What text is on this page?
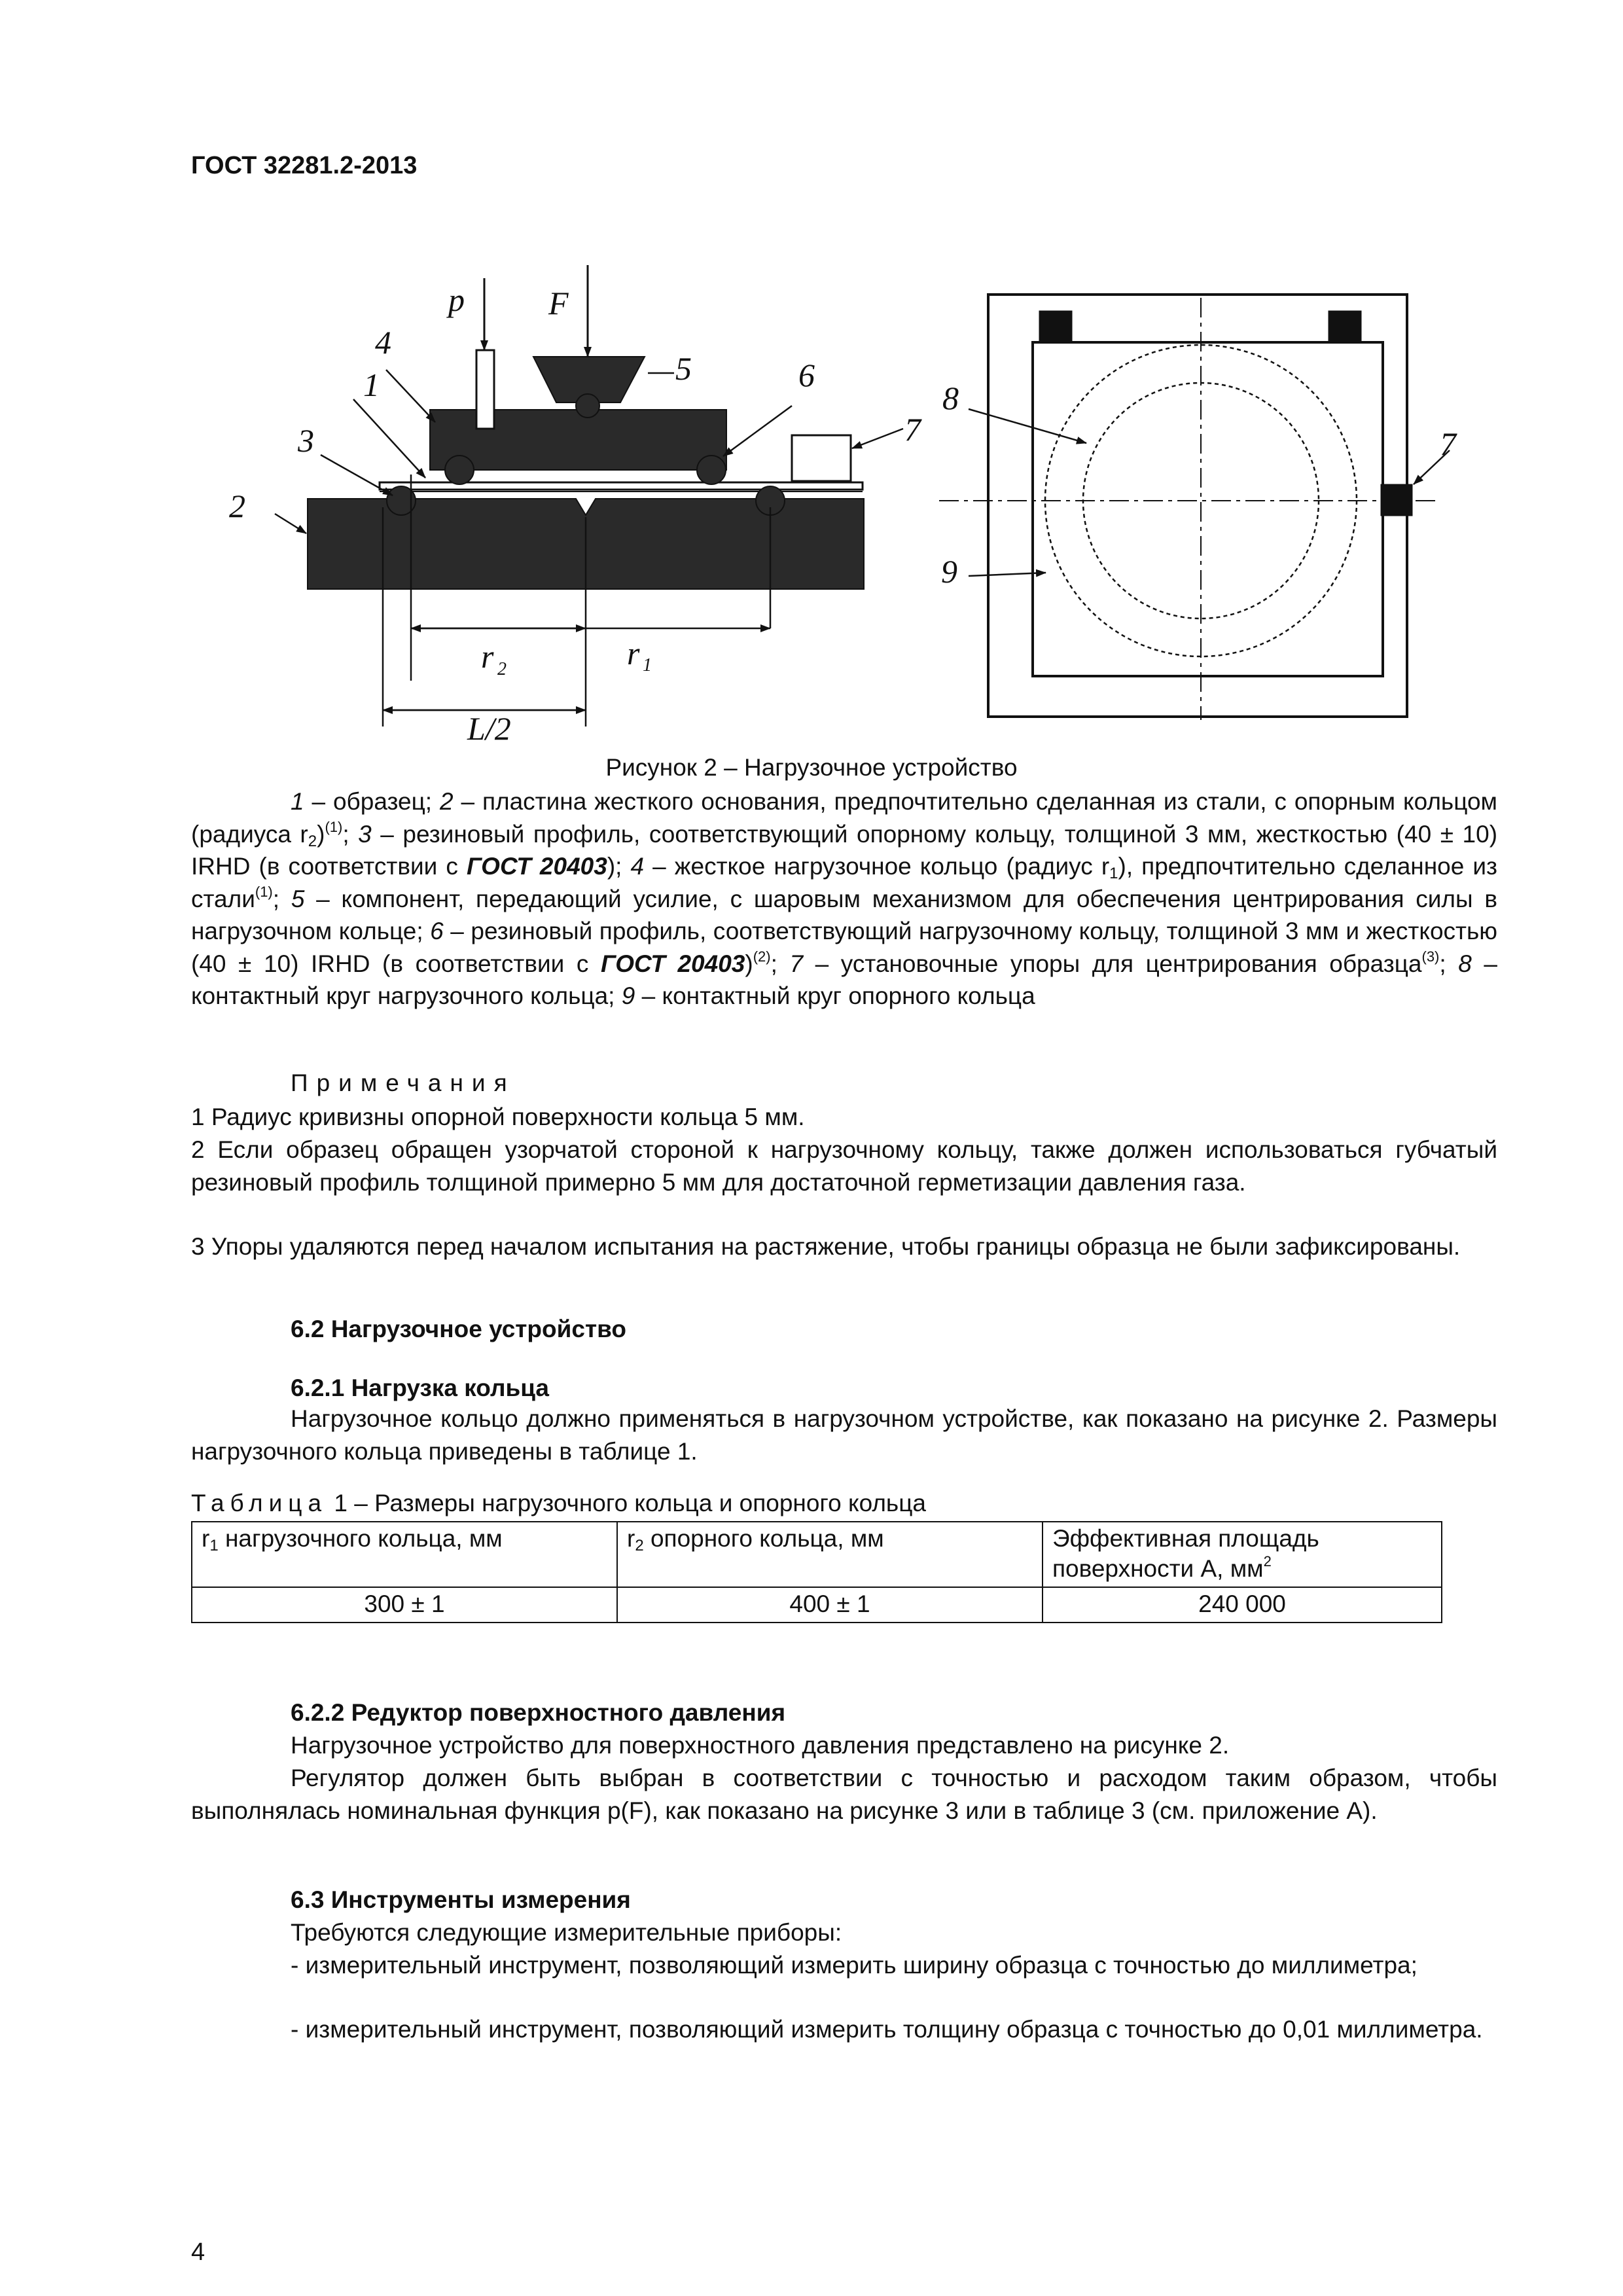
ГОСТ 32281.2-2013
p	F
4
1
3
2
5	6
7
r	r
L/2
2	1
8
9
7
Рисунок 2 – Нагрузочное устройство
1 – образец; 2 – пластина жесткого основания, предпочтительно сделанная из стали, с опорным кольцом (радиуса $r_2)^{(1)}$; 3 – резиновый профиль, соответствующий опорному кольцу, толщиной 3 мм, жесткостью (40 ± 10) IRHD (в соответствии с ГОСТ 20403); 4 – жесткое нагрузочное кольцо (радиус $r_1$), предпочтительно сделанное из стали$^{(1)}$; 5 – компонент, передающий усилие, с шаровым механизмом для обеспечения центрирования силы в нагрузочном кольце; 6 – резиновый профиль, соответствующий нагрузочному кольцу, толщиной 3 мм и жесткостью (40 ± 10) IRHD (в соответствии с ГОСТ 20403)$^{(2)}$; 7 – установочные упоры для центрирования образца$^{(3)}$; 8 – контактный круг нагрузочного кольца; 9 – контактный круг опорного кольца
Примечания
1 Радиус кривизны опорной поверхности кольца 5 мм.
2 Если образец обращен узорчатой стороной к нагрузочному кольцу, также должен использоваться губчатый резиновый профиль толщиной примерно 5 мм для достаточной герметизации давления газа.
3 Упоры удаляются перед началом испытания на растяжение, чтобы границы образца не были зафиксированы.
6.2 Нагрузочное устройство
6.2.1 Нагрузка кольца
Нагрузочное кольцо должно применяться в нагрузочном устройстве, как показано на рисунке 2. Размеры нагрузочного кольца приведены в таблице 1.
Таблица 1 – Размеры нагрузочного кольца и опорного кольца
$r_1$ нагрузочного кольца, мм	$r_2$ опорного кольца, мм	Эффективная площадь поверхности А, $мм^2$
300 ± 1	400 ± 1	240 000
6.2.2 Редуктор поверхностного давления
Нагрузочное устройство для поверхностного давления представлено на рисунке 2.
Регулятор должен быть выбран в соответствии с точностью и расходом таким образом, чтобы выполнялась номинальная функция p(F), как показано на рисунке 3 или в таблице 3 (см. приложение А).
6.3 Инструменты измерения
Требуются следующие измерительные приборы:
- измерительный инструмент, позволяющий измерить ширину образца с точностью до миллиметра;
- измерительный инструмент, позволяющий измерить толщину образца с точностью до 0,01 миллиметра.
4
